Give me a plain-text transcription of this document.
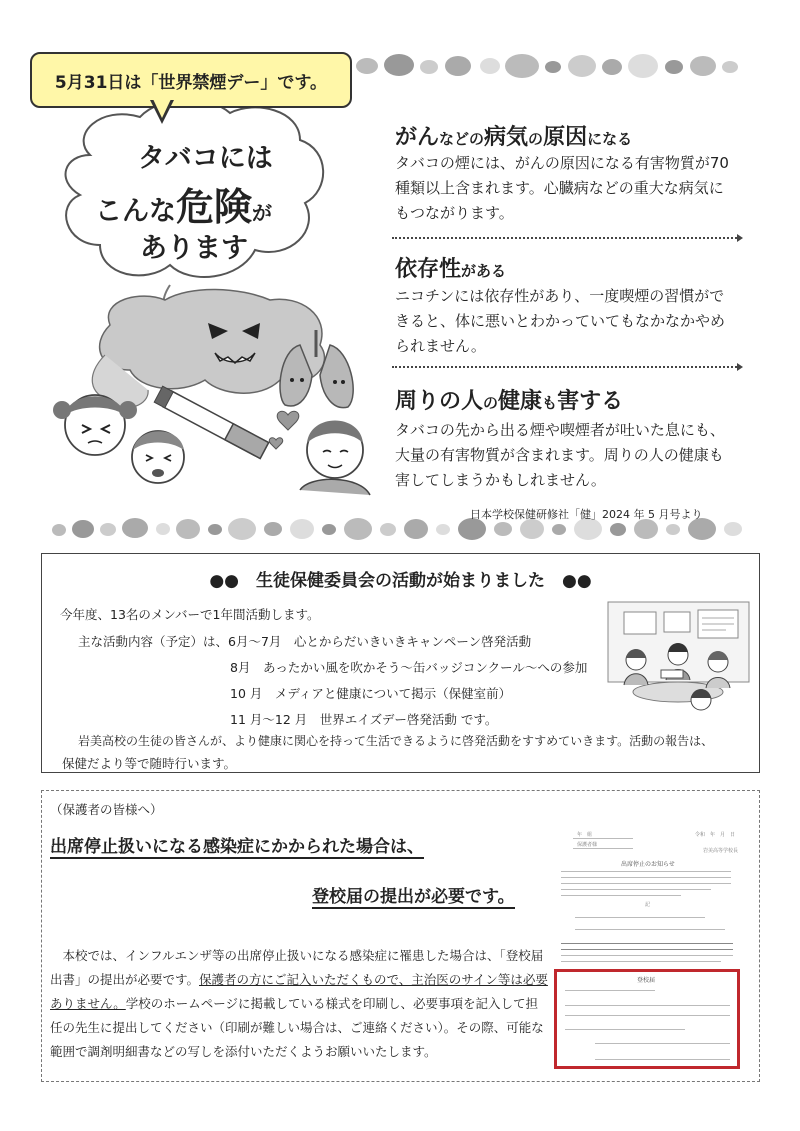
5月31日は「世界禁煙デー」です。
タバコには
こんな危険が
あります
がんなどの病気の原因になる
タバコの煙には、がんの原因になる有害物質が70種類以上含まれます。心臓病などの重大な病気にもつながります。
依存性がある
ニコチンには依存性があり、一度喫煙の習慣ができると、体に悪いとわかっていてもなかなかやめられません。
周りの人の健康も害する
タバコの先から出る煙や喫煙者が吐いた息にも、大量の有害物質が含まれます。周りの人の健康も害してしまうかもしれません。
日本学校保健研修社「健」2024 年 5 月号より
●●　生徒保健委員会の活動が始まりました　●●
今年度、13名のメンバーで1年間活動します。
主な活動内容（予定）は、6月～7月　心とからだいきいきキャンペーン啓発活動
8月　あったかい風を吹かそう～缶バッジコンクール～への参加
10 月　メディアと健康について掲示（保健室前）
11 月～12 月　世界エイズデー啓発活動 です。
岩美高校の生徒の皆さんが、より健康に関心を持って生活できるように啓発活動をすすめていきます。活動の報告は、
保健だより等で随時行います。
（保護者の皆様へ）
出席停止扱いになる感染症にかかられた場合は、
登校届の提出が必要です。
　本校では、インフルエンザ等の出席停止扱いになる感染症に罹患した場合は、「登校届出書」の提出が必要です。保護者の方にご記入いただくもので、主治医のサイン等は必要ありません。学校のホームページに掲載している様式を印刷し、必要事項を記入して担任の先生に提出してください（印刷が難しい場合は、ご連絡ください）。その際、可能な範囲で調剤明細書などの写しを添付いただくようお願いいたします。
年　組
保護者様
令和　年　月　日
岩美高等学校長
出席停止のお知らせ
記
登校届
